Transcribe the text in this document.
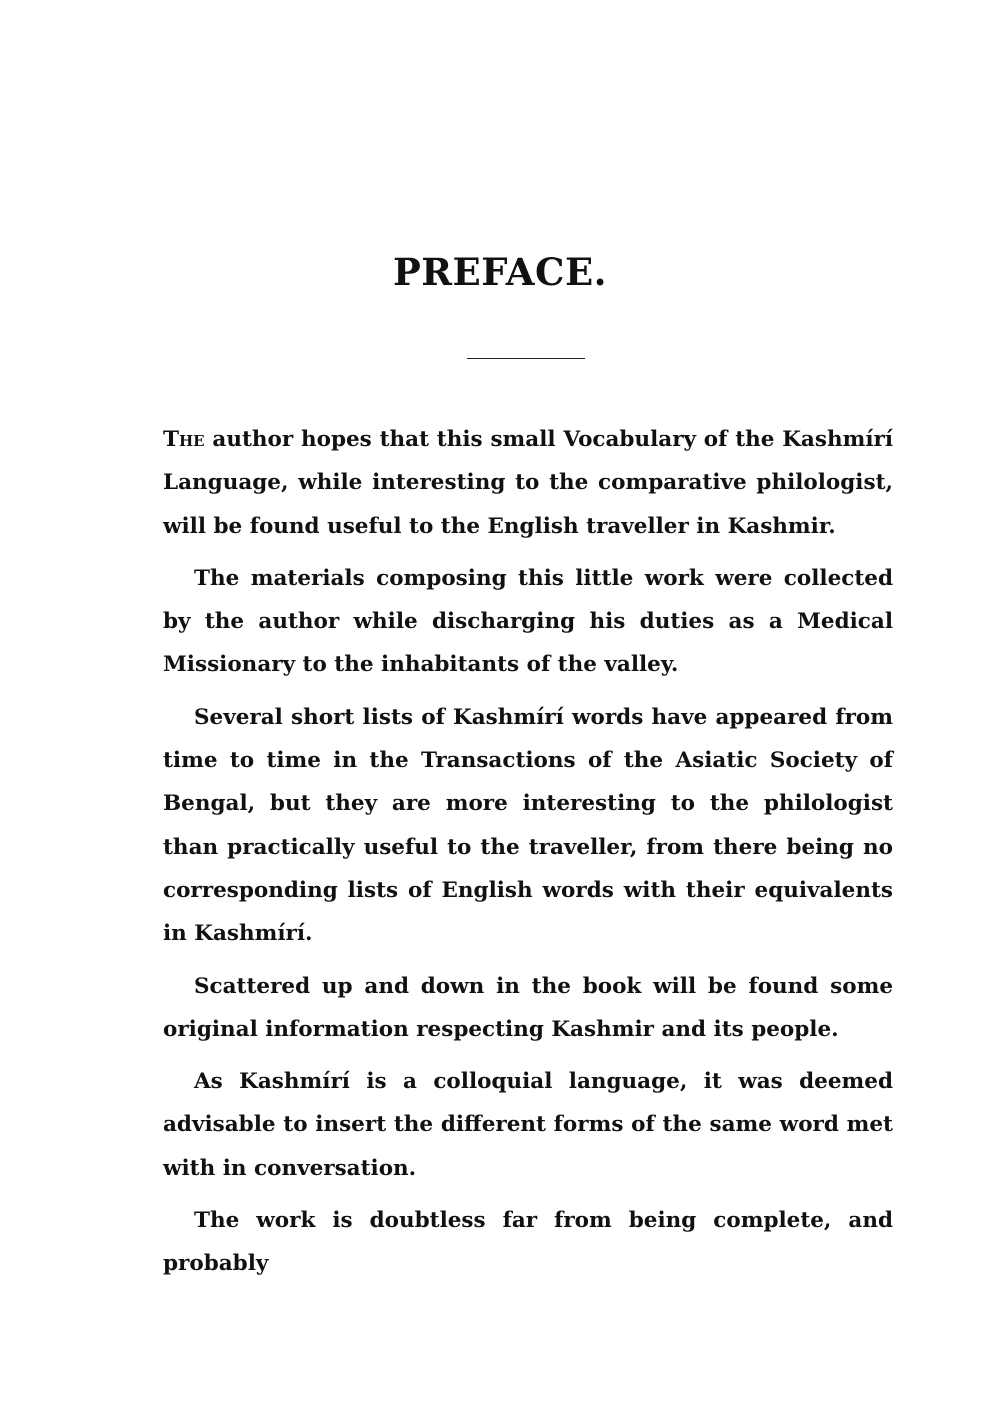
PREFACE.

The author hopes that this small Vocabulary of the Kashmírí Language, while interesting to the comparative philologist, will be found useful to the English traveller in Kashmir.

The materials composing this little work were collected by the author while discharging his duties as a Medical Missionary to the inhabitants of the valley.

Several short lists of Kashmírí words have appeared from time to time in the Transactions of the Asiatic Society of Bengal, but they are more interesting to the philologist than practically useful to the traveller, from there being no corresponding lists of English words with their equivalents in Kashmírí.

Scattered up and down in the book will be found some original information respecting Kashmir and its people.

As Kashmírí is a colloquial language, it was deemed advisable to insert the different forms of the same word met with in conversation.

The work is doubtless far from being complete, and probably
